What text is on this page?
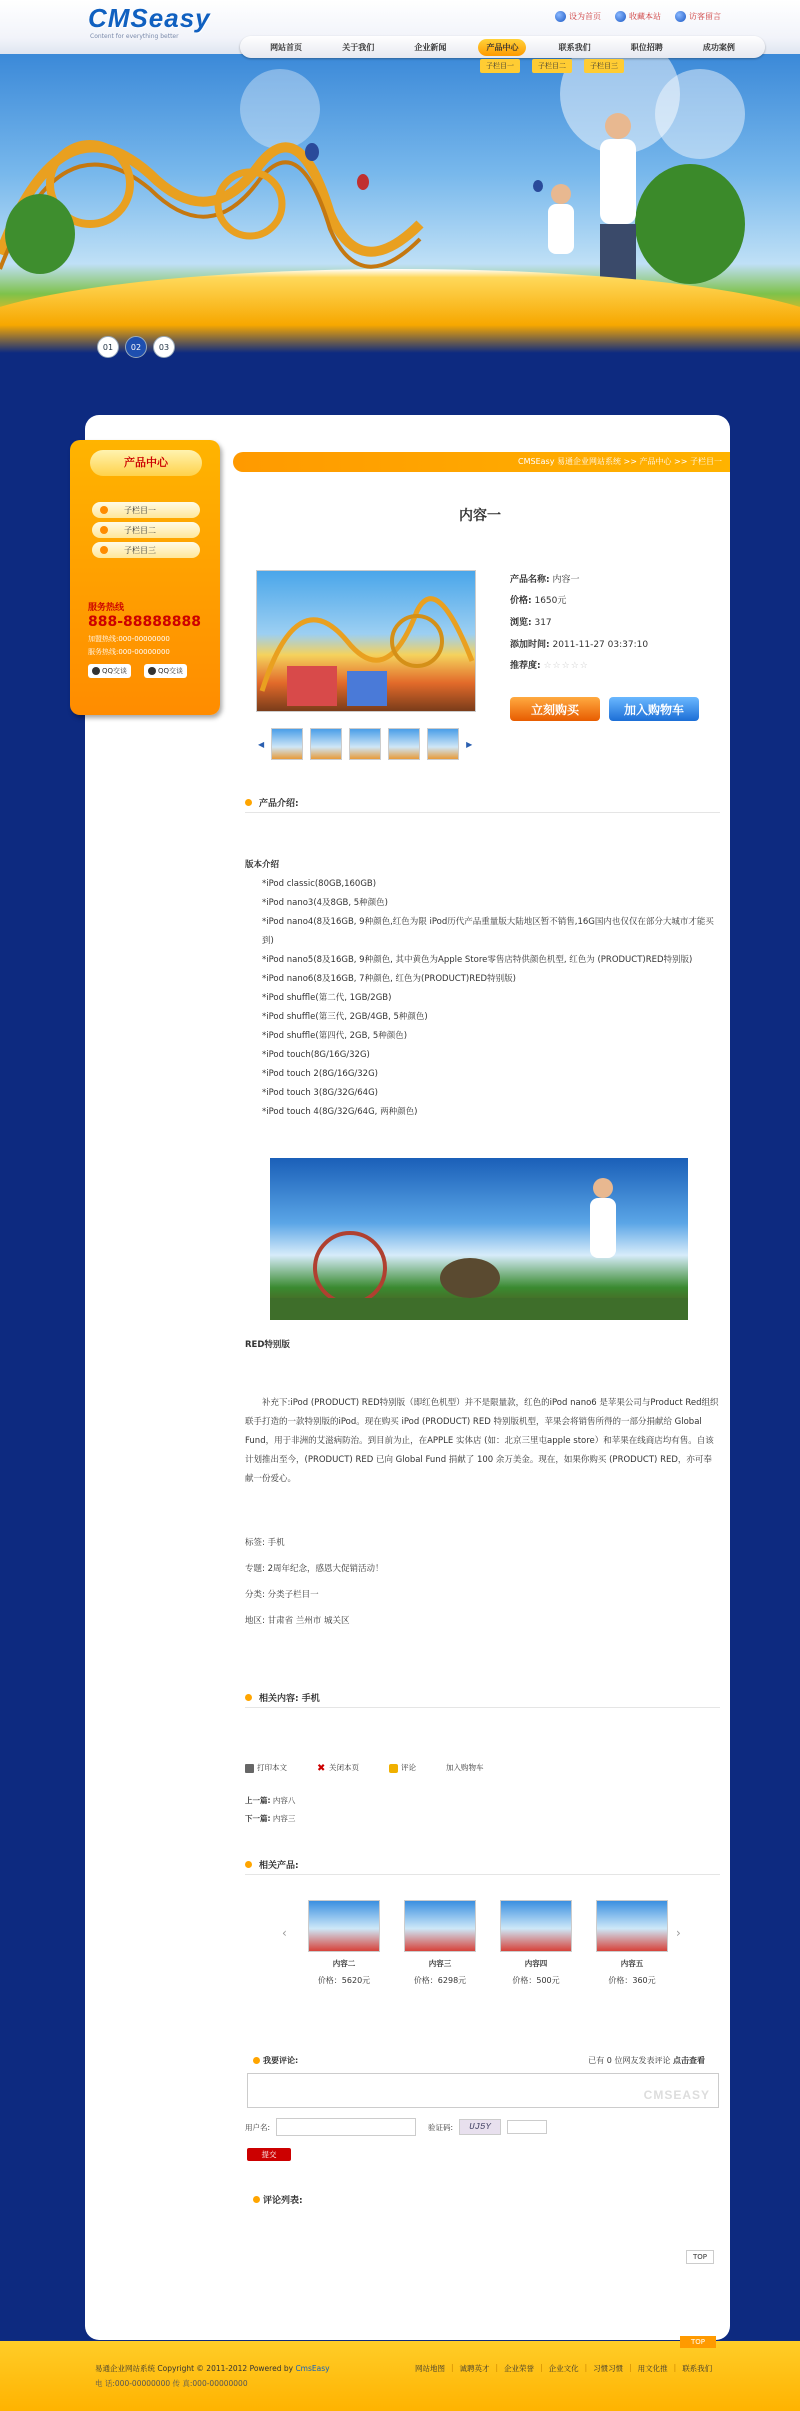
CMSeasy
Content for everything better
设为首页	收藏本站	访客留言
01	02	03
网站首页	关于我们	企业新闻	产品中心	联系我们	职位招聘	成功案例
子栏目一	子栏目二	子栏目三
产品中心
子栏目一
子栏目二
子栏目三
服务热线
888-88888888
加盟热线:000-00000000
服务热线:000-00000000
QQ交谈	QQ交谈
CMSEasy 易通企业网站系统 >> 产品中心 >> 子栏目一
内容一
◀	▶
产品名称: 内容一
价格: 1650元
浏览: 317
添加时间: 2011-11-27 03:37:10
推荐度: ☆☆☆☆☆
立刻购买	加入购物车
产品介绍:

版本介绍

*iPod classic(80GB,160GB)

*iPod nano3(4及8GB, 5种颜色)

*iPod nano4(8及16GB, 9种颜色,红色为限 iPod历代产品重量版大陆地区暂不销售,16G国内也仅仅在部分大城市才能买到)

*iPod nano5(8及16GB, 9种颜色, 其中黄色为Apple Store零售店特供颜色机型, 红色为 (PRODUCT)RED特别版)

*iPod nano6(8及16GB, 7种颜色, 红色为(PRODUCT)RED特别版)

*iPod shuffle(第二代, 1GB/2GB)

*iPod shuffle(第三代, 2GB/4GB, 5种颜色)

*iPod shuffle(第四代, 2GB, 5种颜色)

*iPod touch(8G/16G/32G)

*iPod touch 2(8G/16G/32G)

*iPod touch 3(8G/32G/64G)

*iPod touch 4(8G/32G/64G, 两种颜色)

RED特别版

补充下:iPod (PRODUCT) RED特别版（即红色机型）并不是限量款，红色的iPod nano6 是苹果公司与Product Red组织联手打造的一款特别版的iPod。现在购买 iPod (PRODUCT) RED 特别版机型，苹果会将销售所得的一部分捐献给 Global Fund，用于非洲的艾滋病防治。到目前为止，在APPLE 实体店 (如：北京三里屯apple store）和苹果在线商店均有售。自该计划推出至今，(PRODUCT) RED 已向 Global Fund 捐献了 100 余万美金。现在，如果你购买 (PRODUCT) RED，亦可奉献一份爱心。
标签: 手机
专题: 2周年纪念，感恩大促销活动！
分类: 分类子栏目一
地区: 甘肃省 兰州市 城关区
相关内容: 手机
打印本文	✖ 关闭本页	评论	加入购物车
上一篇: 内容八
下一篇: 内容三
相关产品:
‹	›
内容二
价格：5620元
内容三
价格：6298元
内容四
价格：500元
内容五
价格：360元
我要评论:	已有 0 位网友发表评论 点击查看
CMSEASY
用户名:	验证码:	UJ5Y
提交
评论列表:
TOP
TOP
易通企业网站系统 Copyright © 2011-2012 Powered by CmsEasy
电 话:000-00000000 传 真:000-00000000
网站地图 | 诚聘英才 | 企业荣誉 | 企业文化 | 习惯习惯 | 用文化推 | 联系我们
